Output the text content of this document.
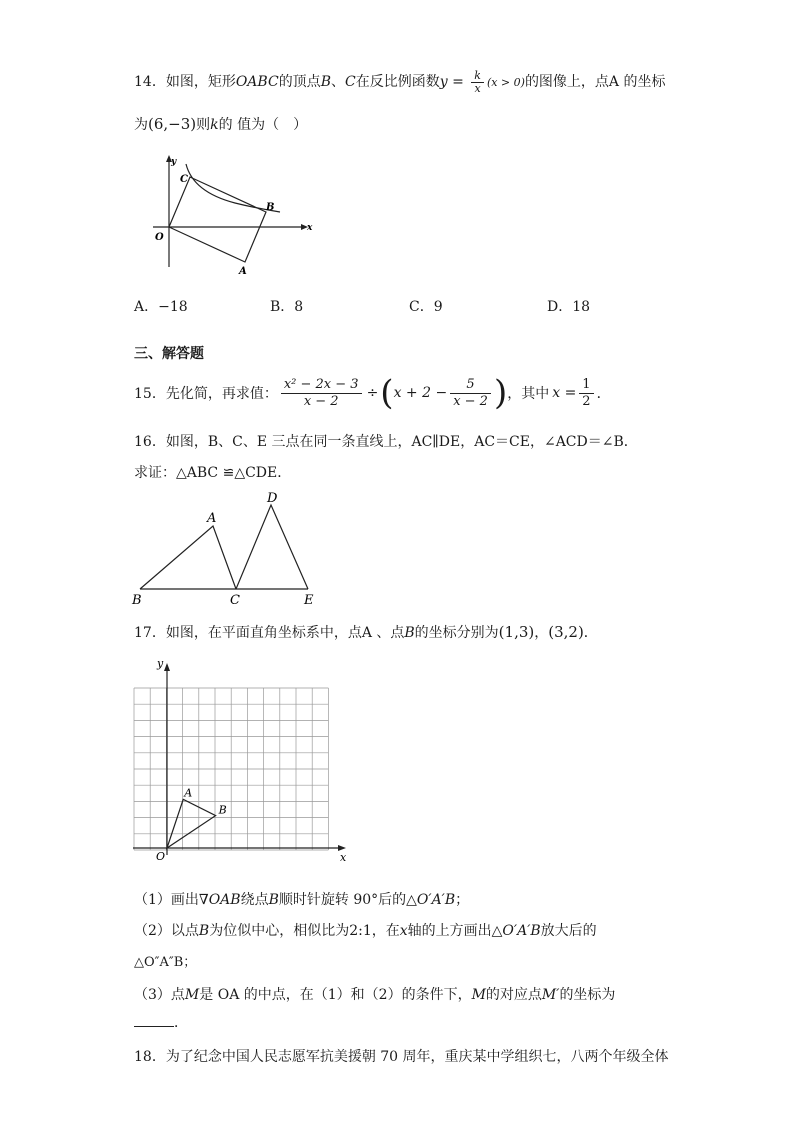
14．如图，矩形OABC的顶点B、C在反比例函数$y = \frac{k}{x} (x > 0)$的图像上，点A 的坐标
为(6,−3)则k的 值为（　）
y
x
O
A
B
C
A．−18	B．8	C．9	D．18
三、解答题
15． 先化简，再求值： $\frac{\text{x² − 2x − 3}}{x - 2}$ ÷ ( $x + 2 - \frac{5}{x - 2}$ ) ，其中 $x = \frac{1}{2}$ ．
16．如图，B、C、E 三点在同一条直线上，AC∥DE，AC＝CE，∠ACD＝∠B．
求证：△ABC ≌△CDE．
A
B	C
D
E
17．如图，在平面直角坐标系中，点A 、点B的坐标分别为(1,3)，(3,2)．
y
x
O
A
B
（1）画出∇OAB绕点B顺时针旋转 90°后的△O′A′B；
（2）以点B为位似中心，相似比为2:1，在x轴的上方画出△O′A′B放大后的
△O″A″B；
（3）点M是 OA 的中点，在（1）和（2）的条件下，M的对应点M′的坐标为
．
18．为了纪念中国人民志愿军抗美援朝 70 周年，重庆某中学组织七，八两个年级全体
